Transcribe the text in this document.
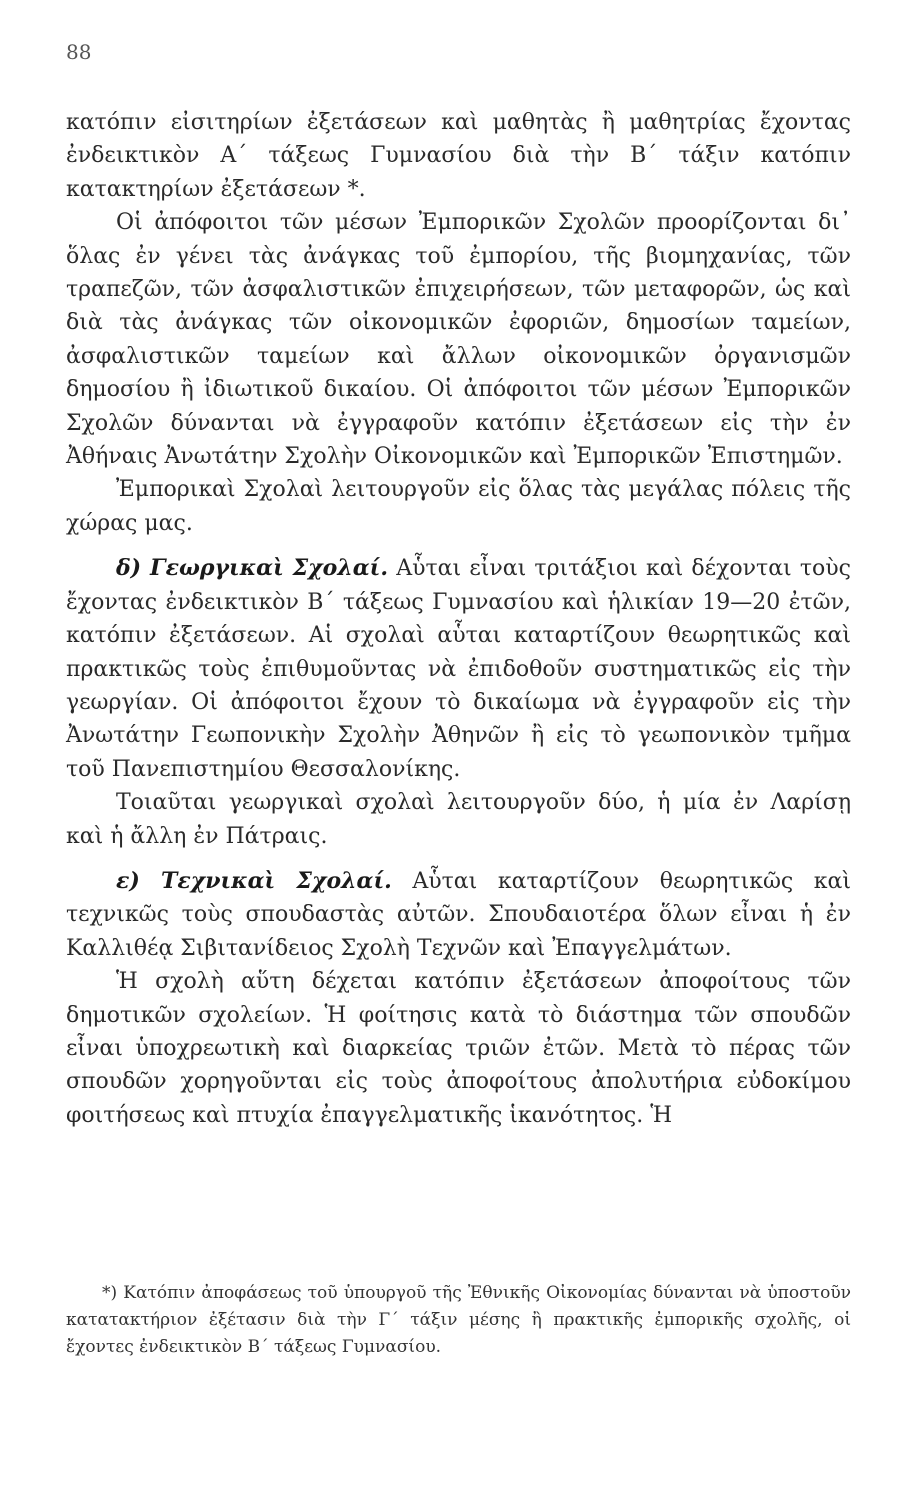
88

κατόπιν εἰσιτηρίων ἐξετάσεων καὶ μαθητὰς ἢ μαθητρίας ἔχοντας ἐνδεικτικὸν Α΄ τάξεως Γυμνασίου διὰ τὴν Β΄ τάξιν κατόπιν κατακτηρίων ἐξετάσεων *.

Οἱ ἀπόφοιτοι τῶν μέσων Ἐμπορικῶν Σχολῶν προορίζονται δι᾽ ὅλας ἐν γένει τὰς ἀνάγκας τοῦ ἐμπορίου, τῆς βιομηχανίας, τῶν τραπεζῶν, τῶν ἀσφαλιστικῶν ἐπιχειρήσεων, τῶν μεταφορῶν, ὡς καὶ διὰ τὰς ἀνάγκας τῶν οἰκονομικῶν ἐφοριῶν, δημοσίων ταμείων, ἀσφαλιστικῶν ταμείων καὶ ἄλλων οἰκονομικῶν ὀργανισμῶν δημοσίου ἢ ἰδιωτικοῦ δικαίου. Οἱ ἀπόφοιτοι τῶν μέσων Ἐμπορικῶν Σχολῶν δύνανται νὰ ἐγγραφοῦν κατόπιν ἐξετάσεων εἰς τὴν ἐν Ἀθήναις Ἀνωτάτην Σχολὴν Οἰκονομικῶν καὶ Ἐμπορικῶν Ἐπιστημῶν.

Ἐμπορικαὶ Σχολαὶ λειτουργοῦν εἰς ὅλας τὰς μεγάλας πόλεις τῆς χώρας μας.

δ) Γεωργικαὶ Σχολαί. Αὗται εἶναι τριτάξιοι καὶ δέχονται τοὺς ἔχοντας ἐνδεικτικὸν Β΄ τάξεως Γυμνασίου καὶ ἡλικίαν 19—20 ἐτῶν, κατόπιν ἐξετάσεων. Αἱ σχολαὶ αὗται καταρτίζουν θεωρητικῶς καὶ πρακτικῶς τοὺς ἐπιθυμοῦντας νὰ ἐπιδοθοῦν συστηματικῶς εἰς τὴν γεωργίαν. Οἱ ἀπόφοιτοι ἔχουν τὸ δικαίωμα νὰ ἐγγραφοῦν εἰς τὴν Ἀνωτάτην Γεωπονικὴν Σχολὴν Ἀθηνῶν ἢ εἰς τὸ γεωπονικὸν τμῆμα τοῦ Πανεπιστημίου Θεσσαλονίκης.

Τοιαῦται γεωργικαὶ σχολαὶ λειτουργοῦν δύο, ἡ μία ἐν Λαρίσῃ καὶ ἡ ἄλλη ἐν Πάτραις.

ε) Τεχνικαὶ Σχολαί. Αὗται καταρτίζουν θεωρητικῶς καὶ τεχνικῶς τοὺς σπουδαστὰς αὐτῶν. Σπουδαιοτέρα ὅλων εἶναι ἡ ἐν Καλλιθέᾳ Σιβιτανίδειος Σχολὴ Τεχνῶν καὶ Ἐπαγγελμάτων.

Ἡ σχολὴ αὕτη δέχεται κατόπιν ἐξετάσεων ἀποφοίτους τῶν δημοτικῶν σχολείων. Ἡ φοίτησις κατὰ τὸ διάστημα τῶν σπουδῶν εἶναι ὑποχρεωτικὴ καὶ διαρκείας τριῶν ἐτῶν. Μετὰ τὸ πέρας τῶν σπουδῶν χορηγοῦνται εἰς τοὺς ἀποφοίτους ἀπολυτήρια εὐδοκίμου φοιτήσεως καὶ πτυχία ἐπαγγελματικῆς ἱκανότητος. Ἡ

*) Κατόπιν ἀποφάσεως τοῦ ὑπουργοῦ τῆς Ἐθνικῆς Οἰκονομίας δύνανται νὰ ὑποστοῦν κατατακτήριον ἐξέτασιν διὰ τὴν Γ΄ τάξιν μέσης ἢ πρακτικῆς ἐμπορικῆς σχολῆς, οἱ ἔχοντες ἐνδεικτικὸν Β΄ τάξεως Γυμνασίου.
